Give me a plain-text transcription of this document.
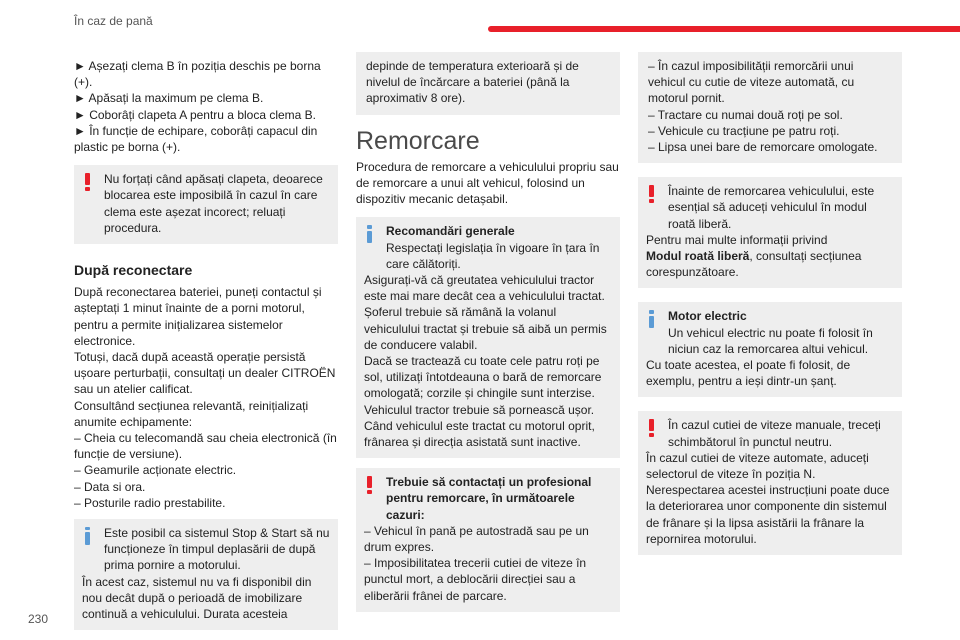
În caz de pană
230

► Așezați clema B în poziția deschis pe borna (+).

► Apăsați la maximum pe clema B.

► Coborâți clapeta A pentru a bloca clema B.

► În funcție de echipare, coborâți capacul din plastic pe borna (+).

Nu forțați când apăsați clapeta, deoarece blocarea este imposibilă în cazul în care clema este așezat incorect; reluați procedura.

După reconectare

După reconectarea bateriei, puneți contactul și așteptați 1 minut înainte de a porni motorul, pentru a permite inițializarea sistemelor electronice.

Totuși, dacă după această operație persistă ușoare perturbații, consultați un dealer CITROËN sau un atelier calificat.

Consultând secțiunea relevantă, reinițializați anumite echipamente:

– Cheia cu telecomandă sau cheia electronică (în funcție de versiune).

– Geamurile acționate electric.

– Data si ora.

– Posturile radio prestabilite.

Este posibil ca sistemul Stop & Start să nu funcționeze în timpul deplasării de după prima pornire a motorului.

În acest caz, sistemul nu va fi disponibil din nou decât după o perioadă de imobilizare continuă a vehiculului. Durata acesteia

depinde de temperatura exterioară și de nivelul de încărcare a bateriei (până la aproximativ 8 ore).

Remorcare

Procedura de remorcare a vehiculului propriu sau de remorcare a unui alt vehicul, folosind un dispozitiv mecanic detașabil.

Recomandări generale

Respectați legislația în vigoare în țara în care călătoriți.

Asigurați-vă că greutatea vehiculului tractor este mai mare decât cea a vehiculului tractat.

Șoferul trebuie să rămână la volanul vehiculului tractat și trebuie să aibă un permis de conducere valabil.

Dacă se tractează cu toate cele patru roți pe sol, utilizați întotdeauna o bară de remorcare omologată; corzile și chingile sunt interzise.

Vehiculul tractor trebuie să pornească ușor.

Când vehiculul este tractat cu motorul oprit, frânarea și direcția asistată sunt inactive.

Trebuie să contactați un profesional pentru remorcare, în următoarele cazuri:

– Vehicul în pană pe autostradă sau pe un drum expres.

– Imposibilitatea trecerii cutiei de viteze în punctul mort, a deblocării direcției sau a eliberării frânei de parcare.

– În cazul imposibilității remorcării unui vehicul cu cutie de viteze automată, cu motorul pornit.

– Tractare cu numai două roți pe sol.

– Vehicule cu tracțiune pe patru roți.

– Lipsa unei bare de remorcare omologate.

Înainte de remorcarea vehiculului, este esențial să aduceți vehiculul în modul roată liberă.

Pentru mai multe informații privind

Modul roată liberă, consultați secțiunea corespunzătoare.

Motor electric

Un vehicul electric nu poate fi folosit în niciun caz la remorcarea altui vehicul.

Cu toate acestea, el poate fi folosit, de exemplu, pentru a ieși dintr-un șanț.

În cazul cutiei de viteze manuale, treceți schimbătorul în punctul neutru.

În cazul cutiei de viteze automate, aduceți selectorul de viteze în poziția N.

Nerespectarea acestei instrucțiuni poate duce la deteriorarea unor componente din sistemul de frânare și la lipsa asistării la frânare la repornirea motorului.
